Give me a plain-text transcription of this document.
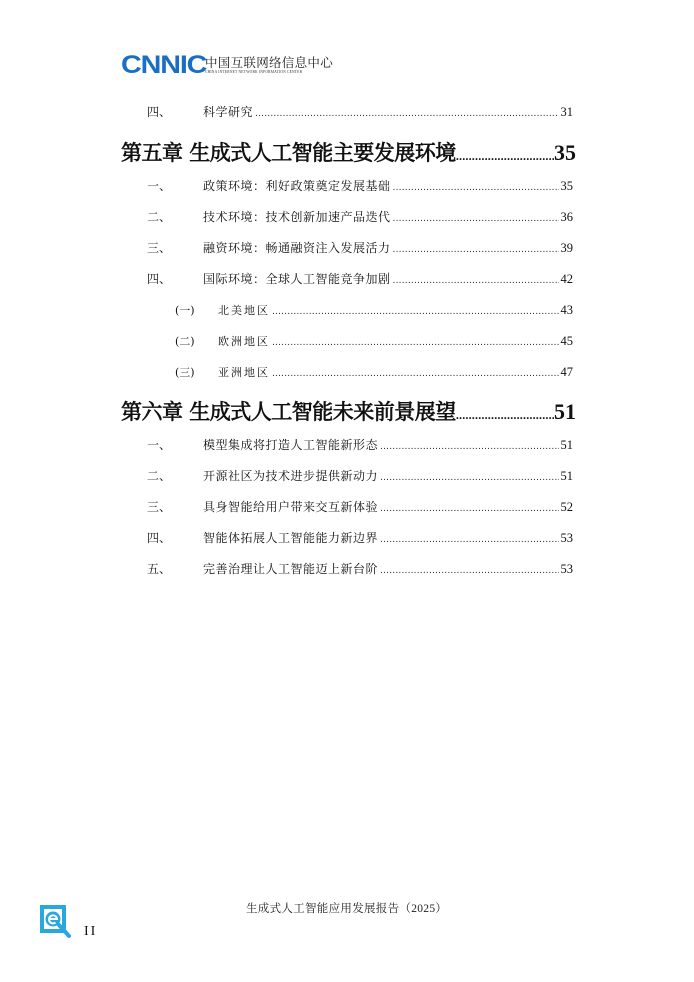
CNNIC
中国互联网络信息中心
CHINA INTERNET NETWORK INFORMATION CENTER
四、	科学研究 .....	31
第五章 生成式人工智能主要发展环境 .....	35
一、	政策环境：利好政策奠定发展基础 .....	35
二、	技术环境：技术创新加速产品迭代 .....	36
三、	融资环境：畅通融资注入发展活力 .....	39
四、	国际环境：全球人工智能竞争加剧 .....	42
(一) 北美地区 .....	43
(二) 欧洲地区 .....	45
(三) 亚洲地区 .....	47
第六章 生成式人工智能未来前景展望 .....	51
一、	模型集成将打造人工智能新形态 .....	51
二、	开源社区为技术进步提供新动力 .....	51
三、	具身智能给用户带来交互新体验 .....	52
四、	智能体拓展人工智能能力新边界 .....	53
五、	完善治理让人工智能迈上新台阶 .....	53
生成式人工智能应用发展报告（2025）
II
